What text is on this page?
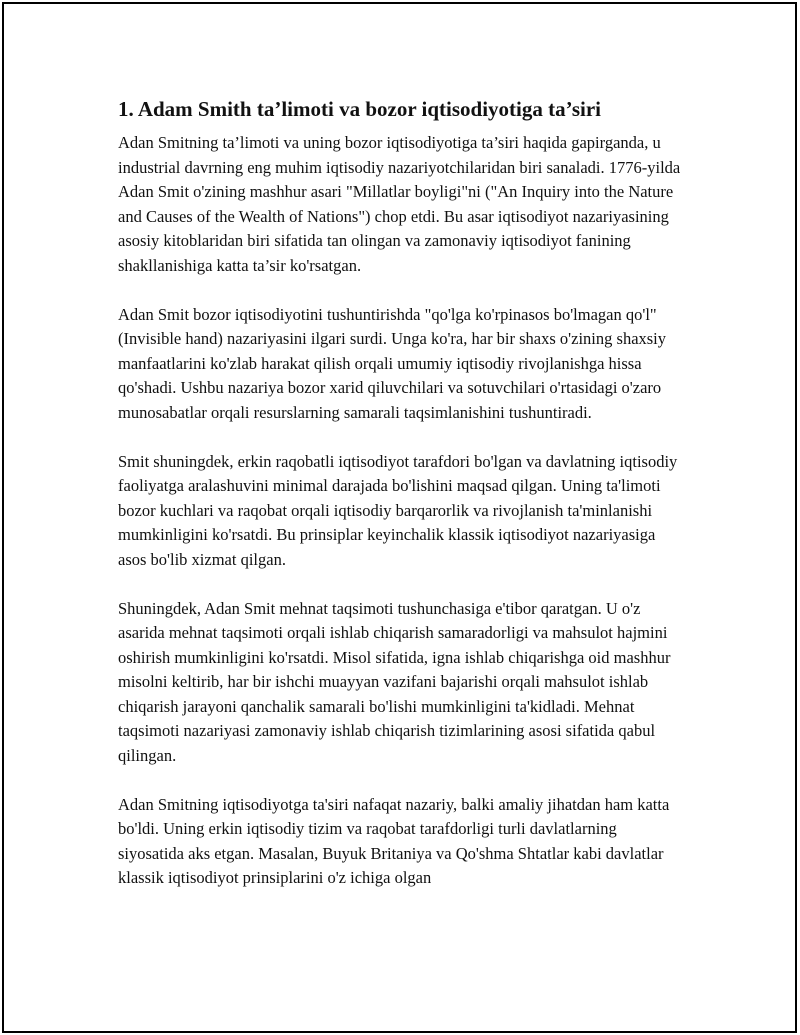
1. Adam Smith ta’limoti va bozor iqtisodiyotiga ta’siri

Adan Smitning ta’limoti va uning bozor iqtisodiyotiga ta’siri haqida gapirganda, u industrial davrning eng muhim iqtisodiy nazariyotchilaridan biri sanaladi. 1776-yilda Adan Smit o'zining mashhur asari "Millatlar boyligi"ni ("An Inquiry into the Nature and Causes of the Wealth of Nations") chop etdi. Bu asar iqtisodiyot nazariyasining asosiy kitoblaridan biri sifatida tan olingan va zamonaviy iqtisodiyot fanining shakllanishiga katta ta’sir ko'rsatgan.

Adan Smit bozor iqtisodiyotini tushuntirishda "qo'lga ko'rpinasos bo'lmagan qo'l" (Invisible hand) nazariyasini ilgari surdi. Unga ko'ra, har bir shaxs o'zining shaxsiy manfaatlarini ko'zlab harakat qilish orqali umumiy iqtisodiy rivojlanishga hissa qo'shadi. Ushbu nazariya bozor xarid qiluvchilari va sotuvchilari o'rtasidagi o'zaro munosabatlar orqali resurslarning samarali taqsimlanishini tushuntiradi.

Smit shuningdek, erkin raqobatli iqtisodiyot tarafdori bo'lgan va davlatning iqtisodiy faoliyatga aralashuvini minimal darajada bo'lishini maqsad qilgan. Uning ta'limoti bozor kuchlari va raqobat orqali iqtisodiy barqarorlik va rivojlanish ta'minlanishi mumkinligini ko'rsatdi. Bu prinsiplar keyinchalik klassik iqtisodiyot nazariyasiga asos bo'lib xizmat qilgan.

Shuningdek, Adan Smit mehnat taqsimoti tushunchasiga e'tibor qaratgan. U o'z asarida mehnat taqsimoti orqali ishlab chiqarish samaradorligi va mahsulot hajmini oshirish mumkinligini ko'rsatdi. Misol sifatida, igna ishlab chiqarishga oid mashhur misolni keltirib, har bir ishchi muayyan vazifani bajarishi orqali mahsulot ishlab chiqarish jarayoni qanchalik samarali bo'lishi mumkinligini ta'kidladi. Mehnat taqsimoti nazariyasi zamonaviy ishlab chiqarish tizimlarining asosi sifatida qabul qilingan.

Adan Smitning iqtisodiyotga ta'siri nafaqat nazariy, balki amaliy jihatdan ham katta bo'ldi. Uning erkin iqtisodiy tizim va raqobat tarafdorligi turli davlatlarning siyosatida aks etgan. Masalan, Buyuk Britaniya va Qo'shma Shtatlar kabi davlatlar klassik iqtisodiyot prinsiplarini o'z ichiga olgan
